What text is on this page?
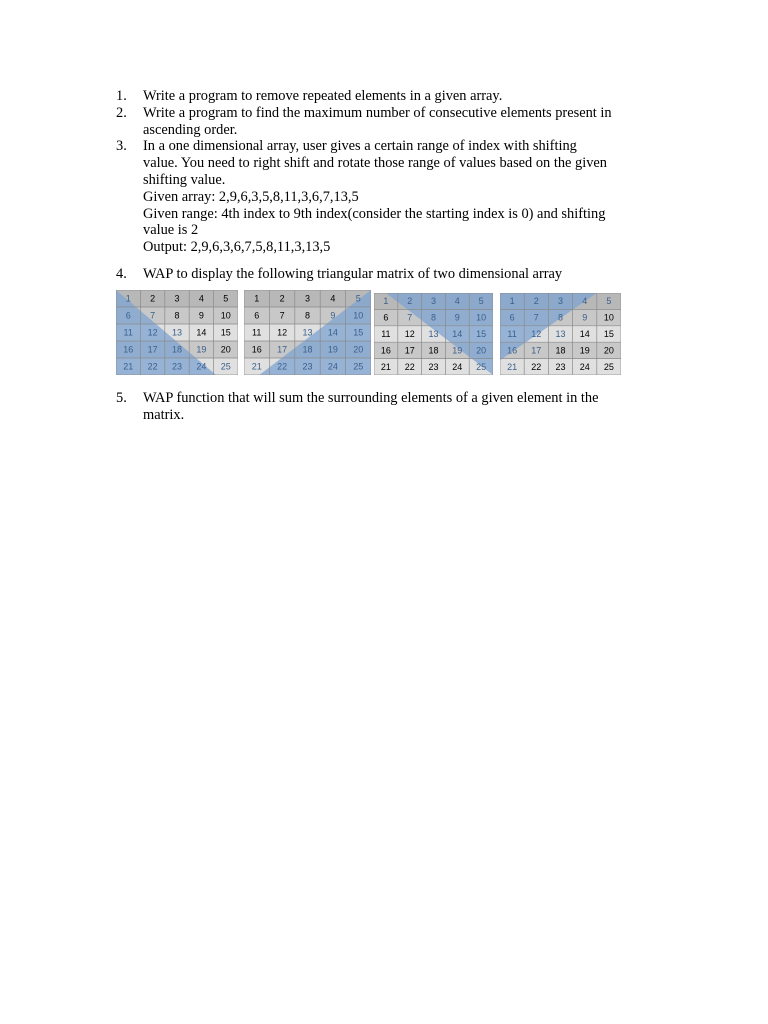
1. Write a program to remove repeated elements in a given array.
2. Write a program to find the maximum number of consecutive elements present in
ascending order.
3. In a one dimensional array, user gives a certain range of index with shifting
value. You need to right shift and rotate those range of values based on the given
shifting value.
Given array: 2,9,6,3,5,8,11,3,6,7,13,5
Given range: 4th index to 9th index(consider the starting index is 0) and shifting
value is 2
Output: 2,9,6,3,6,7,5,8,11,3,13,5
4. WAP to display the following triangular matrix of two dimensional array
1 2 3 4 5
6 7 8 9 10
11 12 13 14 15
16 17 18 19 20
21 22 23 24 25
1 2 3 4 5
6 7 8 9 10
11 12 13 14 15
16 17 18 19 20
21 22 23 24 25
1 2 3 4 5
6 7 8 9 10
11 12 13 14 15
16 17 18 19 20
21 22 23 24 25
1 2 3 4 5
6 7 8 9 10
11 12 13 14 15
16 17 18 19 20
21 22 23 24 25
5. WAP function that will sum the surrounding elements of a given element in the
matrix.
